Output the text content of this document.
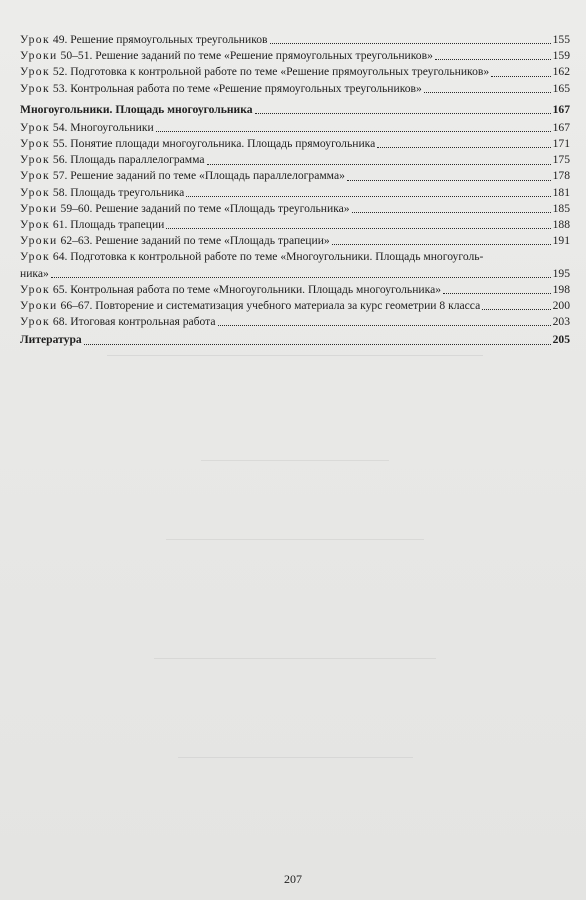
Урок 49. Решение прямоугольных треугольников	155
Уроки 50–51. Решение заданий по теме «Решение прямоугольных треугольников»	159
Урок 52. Подготовка к контрольной работе по теме «Решение прямоугольных треугольников»	162
Урок 53. Контрольная работа по теме «Решение прямоугольных треугольников»	165
Многоугольники. Площадь многоугольника	167
Урок 54. Многоугольники	167
Урок 55. Понятие площади многоугольника. Площадь прямоугольника	171
Урок 56. Площадь параллелограмма	175
Урок 57. Решение заданий по теме «Площадь параллелограмма»	178
Урок 58. Площадь треугольника	181
Уроки 59–60. Решение заданий по теме «Площадь треугольника»	185
Урок 61. Площадь трапеции	188
Уроки 62–63. Решение заданий по теме «Площадь трапеции»	191
Урок 64. Подготовка к контрольной работе по теме «Многоугольники. Площадь многоуголь-
ника»	195
Урок 65. Контрольная работа по теме «Многоугольники. Площадь многоугольника»	198
Уроки 66–67. Повторение и систематизация учебного материала за курс геометрии 8 класса	200
Урок 68. Итоговая контрольная работа	203
Литература	205
207
